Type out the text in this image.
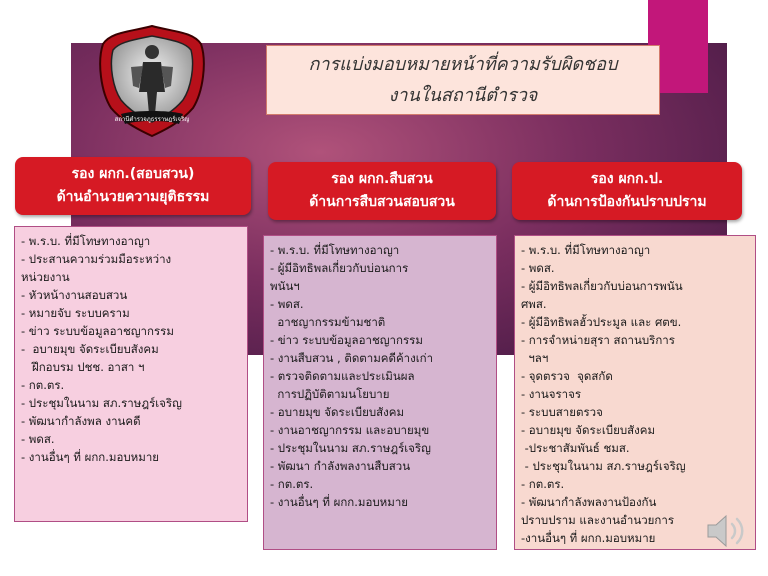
สถานีตำรวจภูธรราษฎร์เจริญ
การแบ่งมอบหมายหน้าที่ความรับผิดชอบ
งานในสถานีตำรวจ
รอง ผกก.(สอบสวน)
ด้านอำนวยความยุติธรรม
รอง ผกก.สืบสวน
ด้านการสืบสวนสอบสวน
รอง ผกก.ป.
ด้านการป้องกันปราบปราม

- พ.ร.บ. ที่มีโทษทางอาญา

- ประสานความร่วมมือระหว่าง

หน่วยงาน

- หัวหน้างานสอบสวน

- หมายจับ ระบบคราม

- ข่าว ระบบข้อมูลอาชญากรรม

-  อบายมุข จัดระเบียบสังคม

ฝึกอบรม ปชช. อาสา ฯ

- กต.ตร.

- ประชุมในนาม สภ.ราษฎร์เจริญ

- พัฒนากำลังพล งานคดี

- พดส.

- งานอื่นๆ ที่ ผกก.มอบหมาย

- พ.ร.บ. ที่มีโทษทางอาญา

- ผู้มีอิทธิพลเกี่ยวกับบ่อนการ

พนันฯ

- พดส.

อาชญากรรมข้ามชาติ

- ข่าว ระบบข้อมูลอาชญากรรม

- งานสืบสวน , ติดตามคดีค้างเก่า

- ตรวจติดตามและประเมินผล

การปฏิบัติตามนโยบาย

- อบายมุข จัดระเบียบสังคม

- งานอาชญากรรม และอบายมุข

- ประชุมในนาม สภ.ราษฎร์เจริญ

- พัฒนา กำลังพลงานสืบสวน

- กต.ตร.

- งานอื่นๆ ที่ ผกก.มอบหมาย

- พ.ร.บ. ที่มีโทษทางอาญา

- พดส.

- ผู้มีอิทธิพลเกี่ยวกับบ่อนการพนัน

ศพส.

- ผู้มีอิทธิพลฮั้วประมูล และ ศตข.

- การจำหน่ายสุรา สถานบริการ

ฯลฯ

- จุดตรวจ  จุดสกัด

- งานจราจร

- ระบบสายตรวจ

- อบายมุข จัดระเบียบสังคม

-ประชาสัมพันธ์ ชมส.

- ประชุมในนาม สภ.ราษฎร์เจริญ

- กต.ตร.

- พัฒนากำลังพลงานป้องกัน

ปราบปราม และงานอำนวยการ

-งานอื่นๆ ที่ ผกก.มอบหมาย
